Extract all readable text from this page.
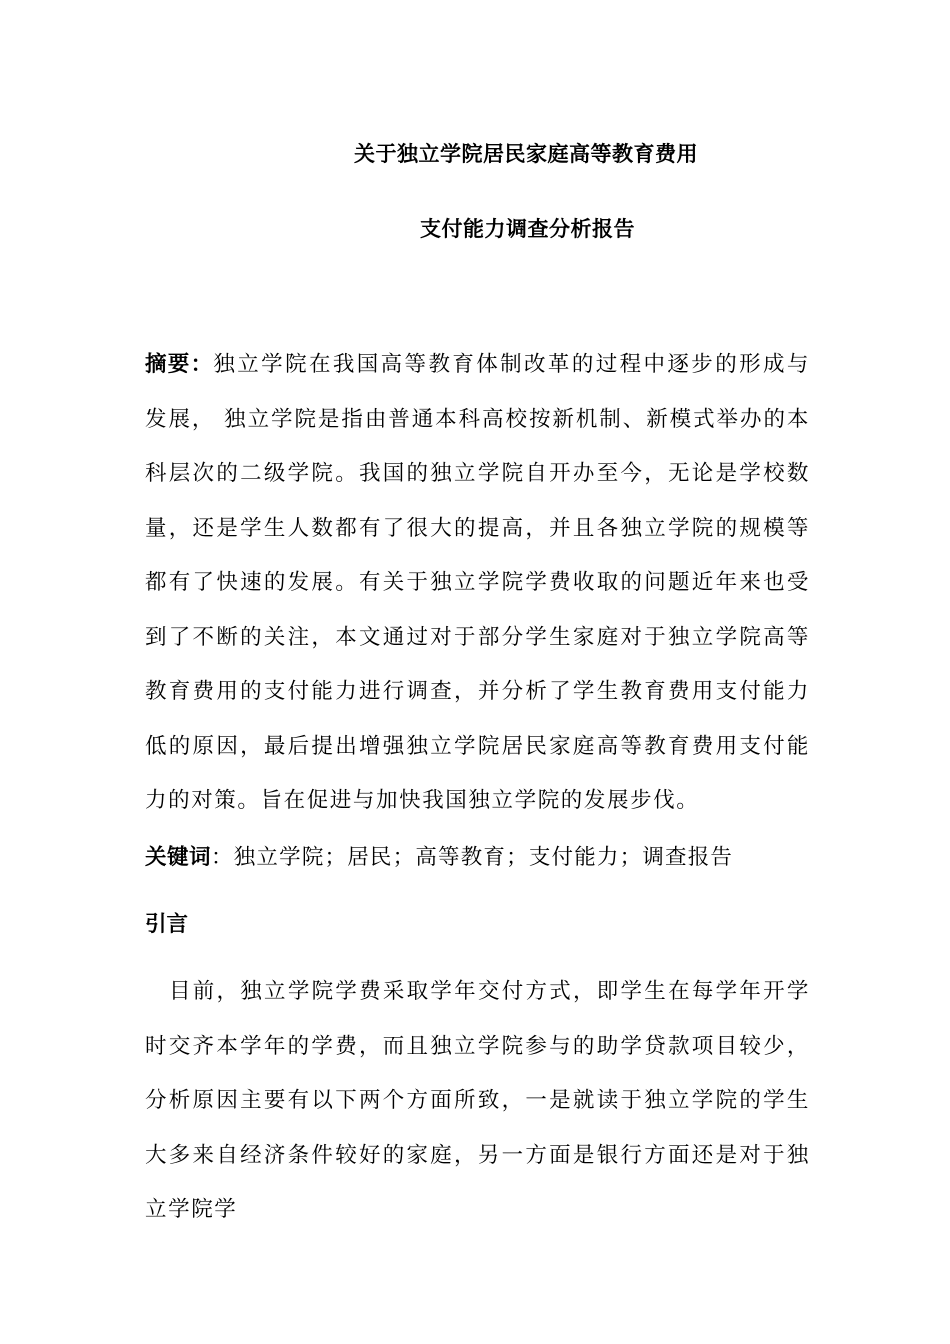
关于独立学院居民家庭高等教育费用
支付能力调查分析报告
摘要：独立学院在我国高等教育体制改革的过程中逐步的形成与发展， 独立学院是指由普通本科高校按新机制、新模式举办的本科层次的二级学院。我国的独立学院自开办至今，无论是学校数量，还是学生人数都有了很大的提高，并且各独立学院的规模等都有了快速的发展。有关于独立学院学费收取的问题近年来也受到了不断的关注，本文通过对于部分学生家庭对于独立学院高等教育费用的支付能力进行调查，并分析了学生教育费用支付能力低的原因，最后提出增强独立学院居民家庭高等教育费用支付能力的对策。旨在促进与加快我国独立学院的发展步伐。
关键词：独立学院；居民；高等教育；支付能力；调查报告
引言
目前，独立学院学费采取学年交付方式，即学生在每学年开学时交齐本学年的学费，而且独立学院参与的助学贷款项目较少，分析原因主要有以下两个方面所致，一是就读于独立学院的学生大多来自经济条件较好的家庭，另一方面是银行方面还是对于独立学院学
